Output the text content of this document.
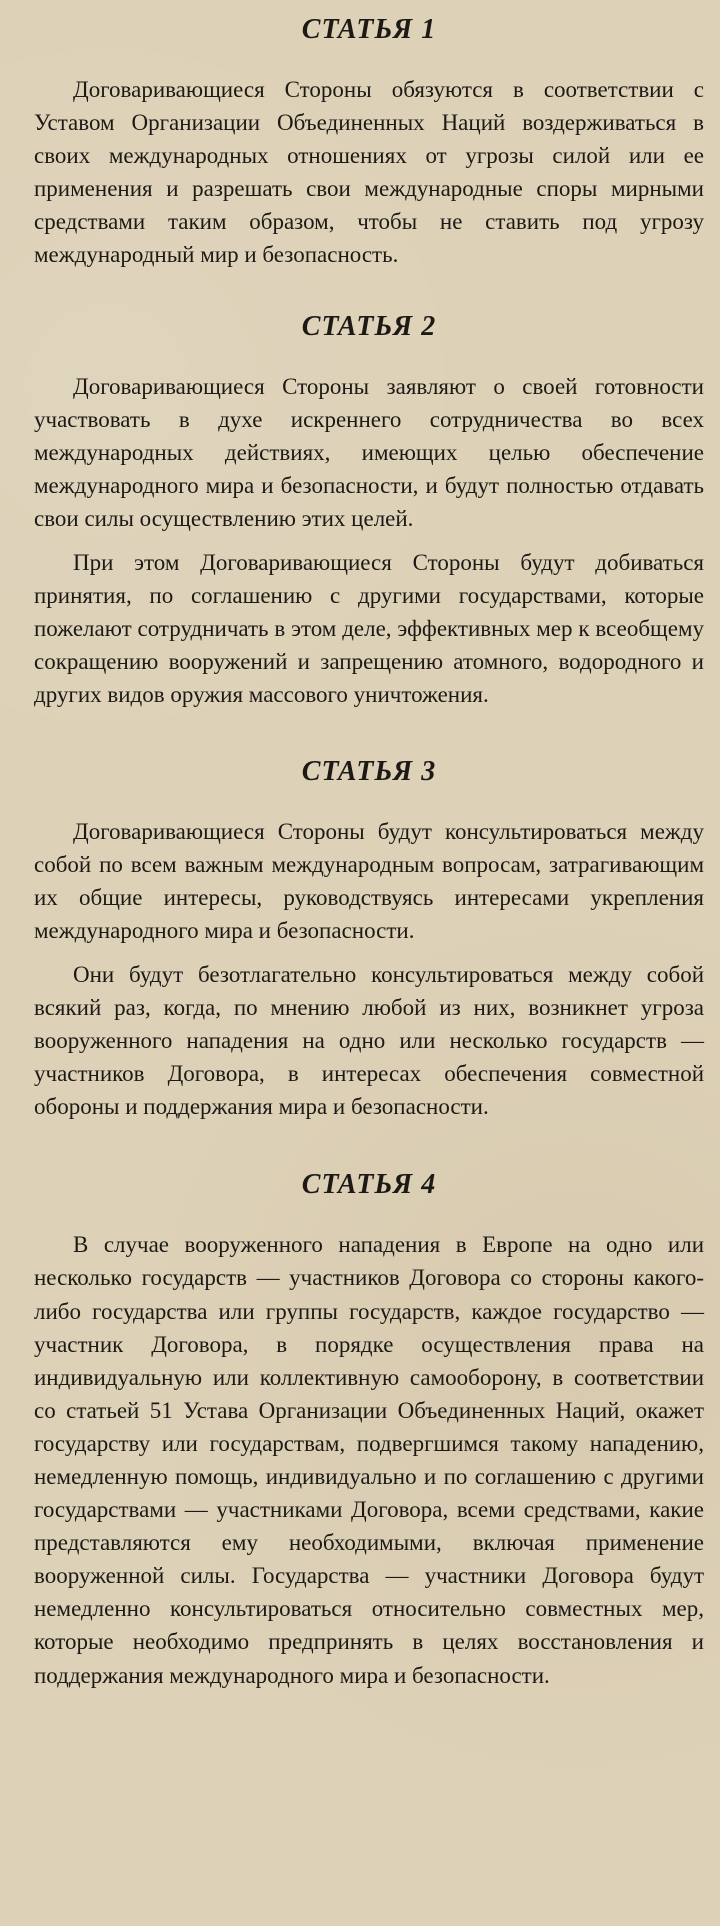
СТАТЬЯ 1

Договаривающиеся Стороны обязуются в соответствии с Уставом Организации Объединенных Наций воздерживаться в своих международных отношениях от угрозы силой или ее применения и разрешать свои международные споры мирными средствами таким образом, чтобы не ставить под угрозу международный мир и безопасность.

СТАТЬЯ 2

Договаривающиеся Стороны заявляют о своей готовности участвовать в духе искреннего сотрудничества во всех международных действиях, имеющих целью обеспечение международного мира и безопасности, и будут полностью отдавать свои силы осуществлению этих целей.

При этом Договаривающиеся Стороны будут добиваться принятия, по соглашению с другими государствами, которые пожелают сотрудничать в этом деле, эффективных мер к всеобщему сокращению вооружений и запрещению атомного, водородного и других видов оружия массового уничтожения.

СТАТЬЯ 3

Договаривающиеся Стороны будут консультироваться между собой по всем важным международным вопросам, затрагивающим их общие интересы, руководствуясь интересами укрепления международного мира и безопасности.

Они будут безотлагательно консультироваться между собой всякий раз, когда, по мнению любой из них, возникнет угроза вооруженного нападения на одно или несколько государств — участников Договора, в интересах обеспечения совместной обороны и поддержания мира и безопасности.

СТАТЬЯ 4

В случае вооруженного нападения в Европе на одно или несколько государств — участников Договора со стороны какого-либо государства или группы государств, каждое государство — участник Договора, в порядке осуществления права на индивидуальную или коллективную самооборону, в соответствии со статьей 51 Устава Организации Объединенных Наций, окажет государству или государствам, подвергшимся такому нападению, немедленную помощь, индивидуально и по соглашению с другими государствами — участниками Договора, всеми средствами, какие представляются ему необходимыми, включая применение вооруженной силы. Государства — участники Договора будут немедленно консультироваться относительно совместных мер, которые необходимо предпринять в целях восстановления и поддержания международного мира и безопасности.
